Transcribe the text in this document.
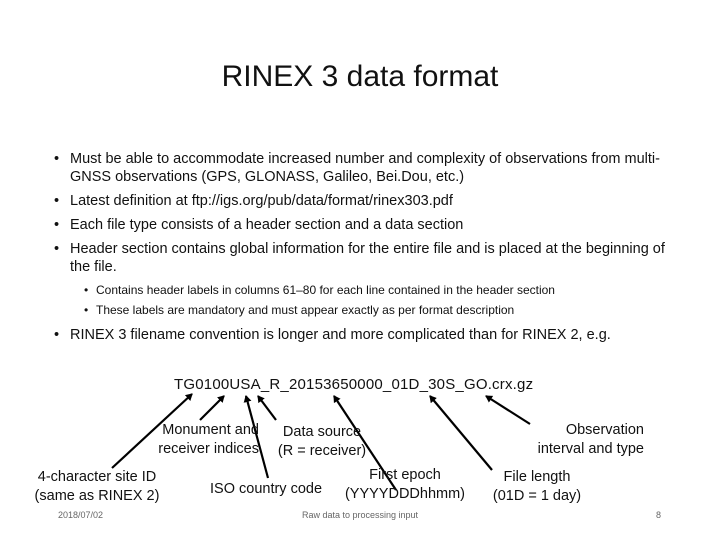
RINEX 3 data format
• Must be able to accommodate increased number and complexity of observations from multi-GNSS observations (GPS, GLONASS, Galileo, Bei.Dou, etc.)
• Latest definition at ftp://igs.org/pub/data/format/rinex303.pdf
• Each file type consists of a header section and a data section
• Header section contains global information for the entire file and is placed at the beginning of the file.
• Contains header labels in columns 61–80 for each line contained in the header section
• These labels are mandatory and must appear exactly as per format description
• RINEX 3 filename convention is longer and more complicated than for RINEX 2, e.g.
TG0100USA_R_20153650000_01D_30S_GO.crx.gz
4-character site ID
(same as RINEX 2)
Monument and
receiver indices
Data source
(R = receiver)
ISO country code
First epoch
(YYYYDDDhhmm)
File length
(01D = 1 day)
Observation
interval and type
2018/07/02	Raw data to processing input	8
